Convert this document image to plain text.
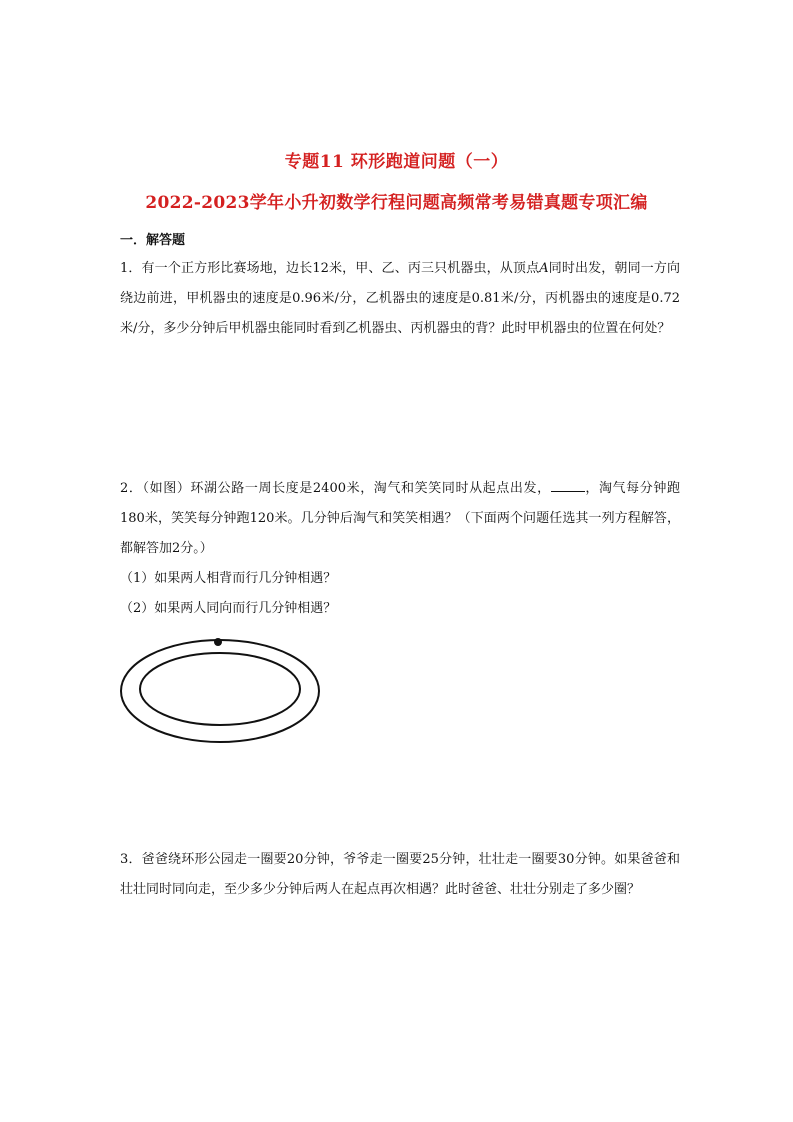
专题11 环形跑道问题（一）
2022-2023学年小升初数学行程问题高频常考易错真题专项汇编
一．解答题
1．有一个正方形比赛场地，边长12米，甲、乙、丙三只机器虫，从顶点A同时出发，朝同一方向绕边前进，甲机器虫的速度是0.96米/分，乙机器虫的速度是0.81米/分，丙机器虫的速度是0.72米/分，多少分钟后甲机器虫能同时看到乙机器虫、丙机器虫的背？此时甲机器虫的位置在何处？
2．（如图）环湖公路一周长度是2400米，淘气和笑笑同时从起点出发，	，淘气每分钟跑180米，笑笑每分钟跑120米。几分钟后淘气和笑笑相遇？（下面两个问题任选其一列方程解答，都解答加2分。）
（1）如果两人相背而行几分钟相遇？
（2）如果两人同向而行几分钟相遇？
3．爸爸绕环形公园走一圈要20分钟，爷爷走一圈要25分钟，壮壮走一圈要30分钟。如果爸爸和壮壮同时同向走，至少多少分钟后两人在起点再次相遇？此时爸爸、壮壮分别走了多少圈？
